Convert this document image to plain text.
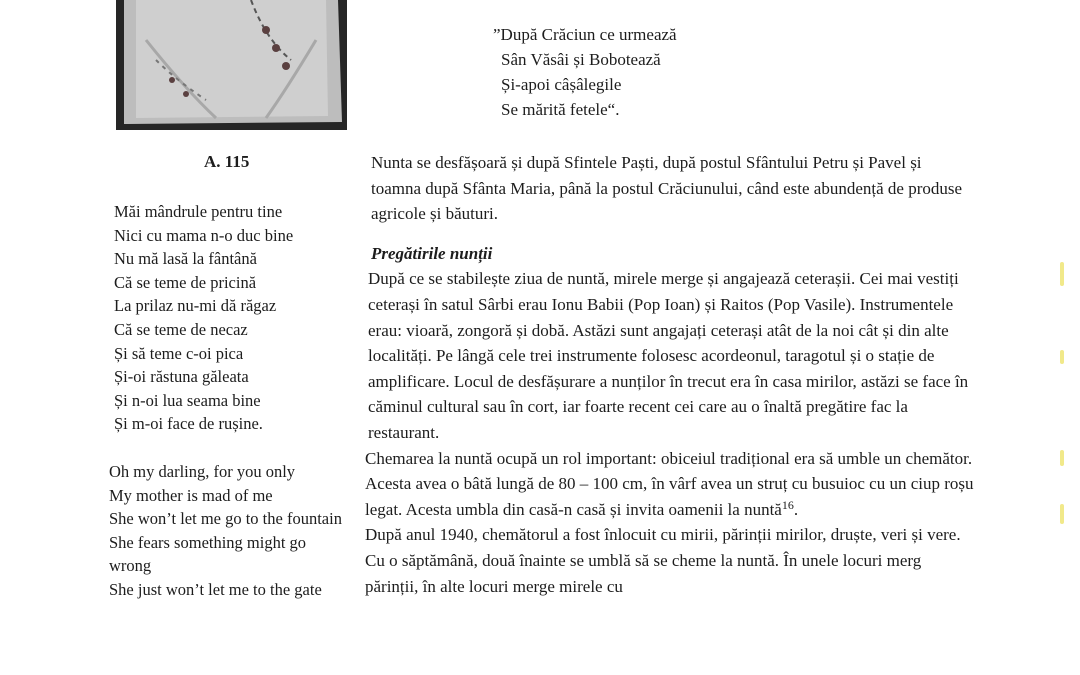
A. 115

Măi mândrule pentru tine

Nici cu mama n-o duc bine

Nu mă lasă la fântână

Că se teme de pricină

La prilaz nu-mi dă răgaz

Că se teme de necaz

Și să teme c-oi pica

Și-oi răstuna găleata

Și n-oi lua seama bine

Și m-oi face de rușine.

Oh my darling, for you only

My mother is mad of me

She won’t let me go to the fountain

She fears something might go wrong

She just won’t let me to the gate

”După Crăciun ce urmează

Sân Văsâi și Bobotează

Și-apoi câșâlegile

Se mărită fetele“.

Nunta se desfășoară și după Sfintele Paști, după postul Sfântului Petru și Pavel și toamna după Sfânta Maria, până la postul Crăciunului, când este abundență de produse agricole și băuturi.

Pregătirile nunții

După ce se stabilește ziua de nuntă, mirele merge și angajează ceterașii. Cei mai vestiți ceterași în satul Sârbi erau Ionu Babii (Pop Ioan) și Raitos (Pop Vasile). Instrumentele erau: vioară, zongoră și dobă. Astăzi sunt angajați ceterași atât de la noi cât și din alte localități. Pe lângă cele trei instrumente folosesc acordeonul, taragotul și o stație de amplificare. Locul de desfășurare a nunților în trecut era în casa mirilor, astăzi se face în căminul cultural sau în cort, iar foarte recent cei care au o înaltă pregătire fac la restaurant.

Chemarea la nuntă ocupă un rol important: obiceiul tradițional era să umble un chemător. Acesta avea o bâtă lungă de 80 – 100 cm, în vârf avea un struț cu busuioc cu un ciup roșu legat. Acesta umbla din casă-n casă și invita oamenii la nuntă$^{16}$.

După anul 1940, chemătorul a fost înlocuit cu mirii, părinții mirilor, druște, veri și vere. Cu o săptămână, două înainte se umblă să se cheme la nuntă. În unele locuri merg părinții, în alte locuri merge mirele cu
